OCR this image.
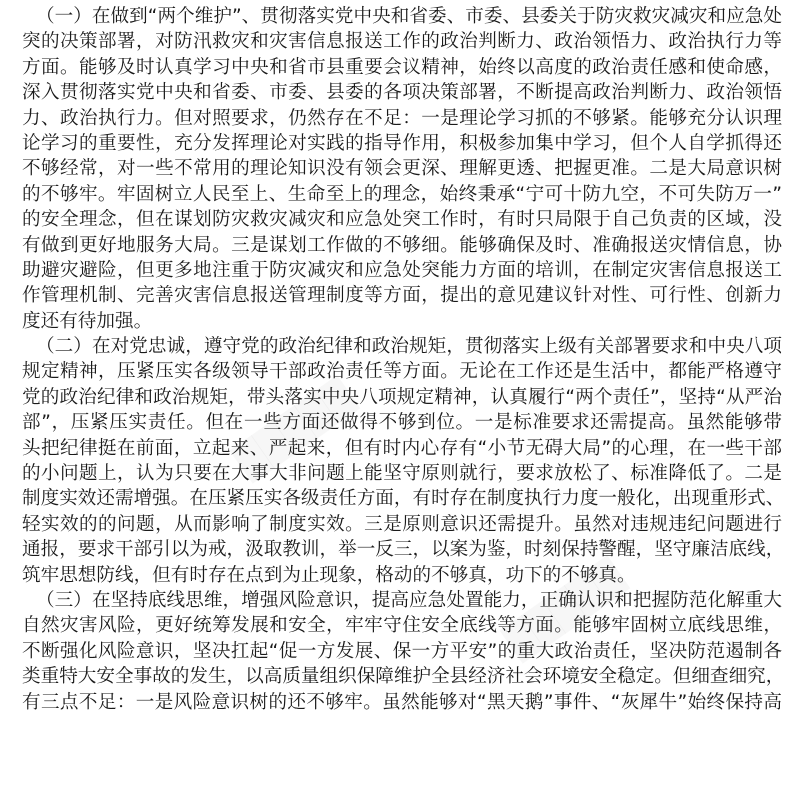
█████
█████
（一）在做到“两个维护”、贯彻落实党中央和省委、市委、县委关于防灾救灾减灾和应急处
突的决策部署，对防汛救灾和灾害信息报送工作的政治判断力、政治领悟力、政治执行力等
方面。能够及时认真学习中央和省市县重要会议精神，始终以高度的政治责任感和使命感，
深入贯彻落实党中央和省委、市委、县委的各项决策部署，不断提高政治判断力、政治领悟
力、政治执行力。但对照要求，仍然存在不足：一是理论学习抓的不够紧。能够充分认识理
论学习的重要性，充分发挥理论对实践的指导作用，积极参加集中学习，但个人自学抓得还
不够经常，对一些不常用的理论知识没有领会更深、理解更透、把握更准。二是大局意识树
的不够牢。牢固树立人民至上、生命至上的理念，始终秉承“宁可十防九空，不可失防万一”
的安全理念，但在谋划防灾救灾减灾和应急处突工作时，有时只局限于自己负责的区域，没
有做到更好地服务大局。三是谋划工作做的不够细。能够确保及时、准确报送灾情信息，协
助避灾避险，但更多地注重于防灾减灾和应急处突能力方面的培训，在制定灾害信息报送工
作管理机制、完善灾害信息报送管理制度等方面，提出的意见建议针对性、可行性、创新力
度还有待加强。
（二）在对党忠诚，遵守党的政治纪律和政治规矩，贯彻落实上级有关部署要求和中央八项
规定精神，压紧压实各级领导干部政治责任等方面。无论在工作还是生活中，都能严格遵守
党的政治纪律和政治规矩，带头落实中央八项规定精神，认真履行“两个责任”，坚持“从严治
部”，压紧压实责任。但在一些方面还做得不够到位。一是标准要求还需提高。虽然能够带
头把纪律挺在前面，立起来、严起来，但有时内心存有“小节无碍大局”的心理，在一些干部
的小问题上，认为只要在大事大非问题上能坚守原则就行，要求放松了、标准降低了。二是
制度实效还需增强。在压紧压实各级责任方面，有时存在制度执行力度一般化，出现重形式、
轻实效的的问题，从而影响了制度实效。三是原则意识还需提升。虽然对违规违纪问题进行
通报，要求干部引以为戒，汲取教训，举一反三，以案为鉴，时刻保持警醒，坚守廉洁底线，
筑牢思想防线，但有时存在点到为止现象，格动的不够真，功下的不够真。
（三）在坚持底线思维，增强风险意识，提高应急处置能力，正确认识和把握防范化解重大
自然灾害风险，更好统筹发展和安全，牢牢守住安全底线等方面。能够牢固树立底线思维，
不断强化风险意识，坚决扛起“促一方发展、保一方平安”的重大政治责任，坚决防范遏制各
类重特大安全事故的发生，以高质量组织保障维护全县经济社会环境安全稳定。但细查细究，
有三点不足：一是风险意识树的还不够牢。虽然能够对“黑天鹅”事件、“灰犀牛”始终保持高
